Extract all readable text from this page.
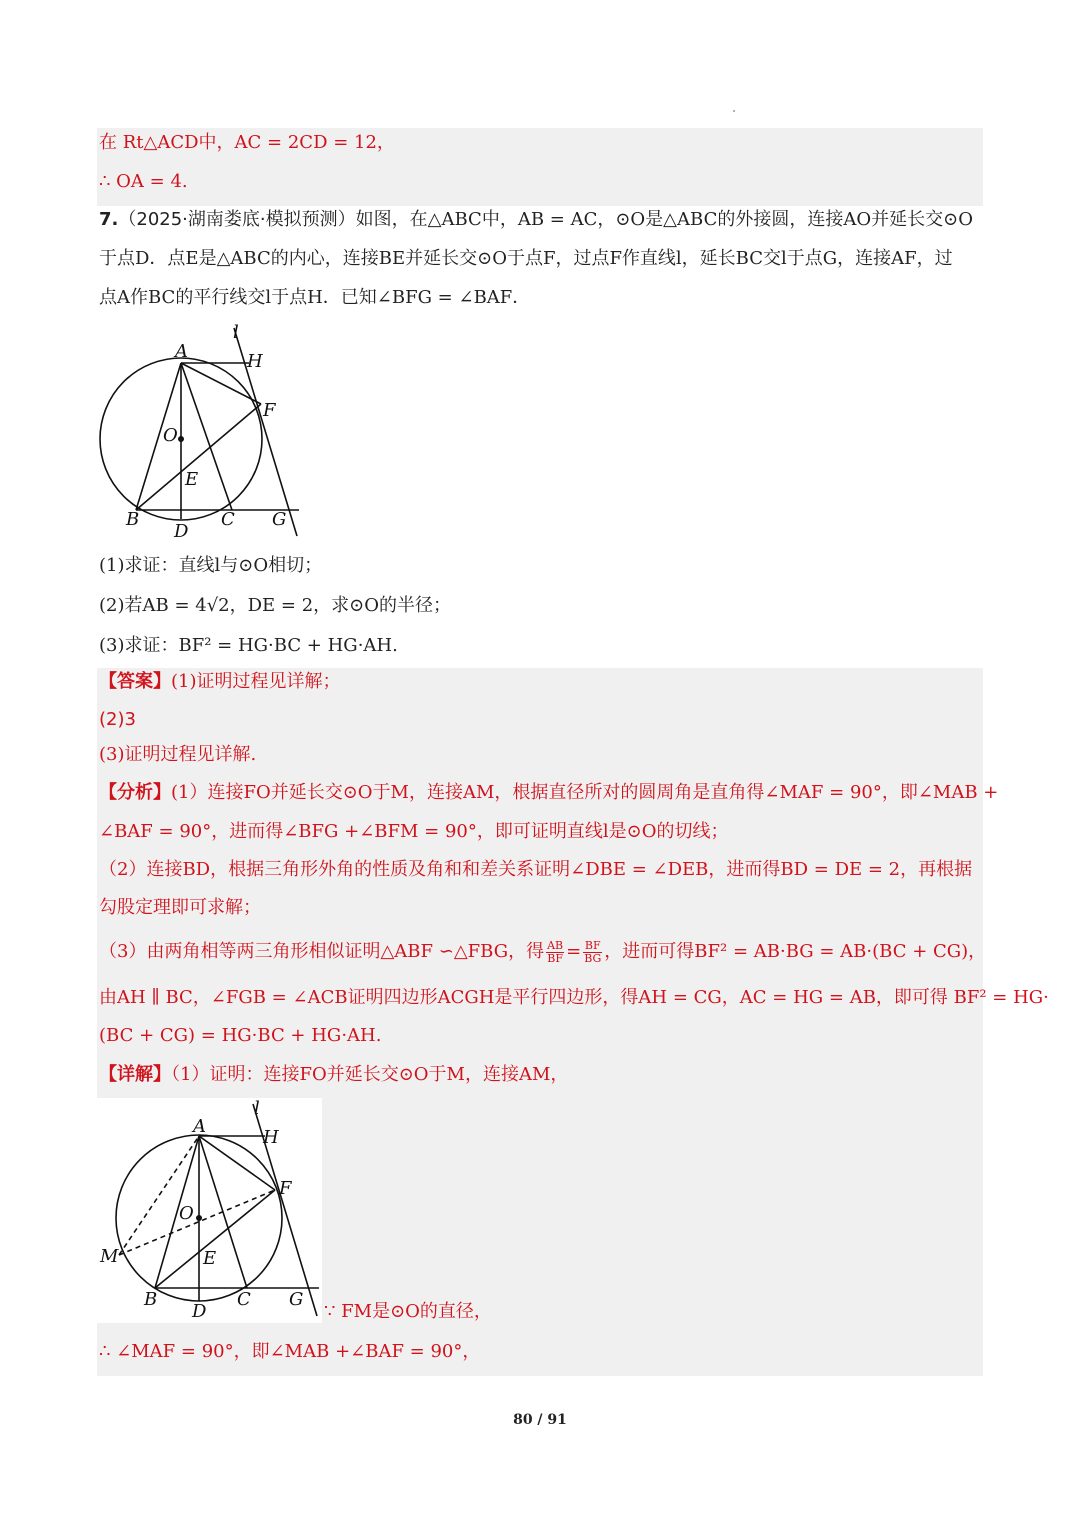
在 Rt△ACD中，AC = 2CD = 12，
∴ OA = 4.
7.（2025·湖南娄底·模拟预测）如图，在△ABC中，AB = AC，⊙O是△ABC的外接圆，连接AO并延长交⊙O
于点D．点E是△ABC的内心，连接BE并延长交⊙O于点F，过点F作直线l，延长BC交l于点G，连接AF，过
点A作BC的平行线交l于点H．已知∠BFG = ∠BAF．
l
A	H
F
O
E
B
D
C G
(1)求证：直线l与⊙O相切；
(2)若AB = 4√2，DE = 2，求⊙O的半径；
(3)求证：BF² = HG·BC + HG·AH.
【答案】(1)证明过程见详解；
(2)3
(3)证明过程见详解.
【分析】(1）连接FO并延长交⊙O于M，连接AM，根据直径所对的圆周角是直角得∠MAF = 90°，即∠MAB +
∠BAF = 90°，进而得∠BFG +∠BFM = 90°，即可证明直线l是⊙O的切线；
（2）连接BD，根据三角形外角的性质及角和和差关系证明∠DBE = ∠DEB，进而得BD = DE = 2，再根据
勾股定理即可求解；
（3）由两角相等两三角形相似证明△ABF ∽△FBG，得 $\frac{AB}{BF} = \frac{BF}{BG}$ ，进而可得BF² = AB·BG = AB·(BC + CG)，
由AH ∥ BC，∠FGB = ∠ACB证明四边形ACGH是平行四边形，得AH = CG，AC = HG = AB，即可得 BF² = HG·
(BC + CG) = HG·BC + HG·AH.
【详解】（1）证明：连接FO并延长交⊙O于M，连接AM，
l
A
H
F
O
M	E
B
D
C G
∵ FM是⊙O的直径，
∴ ∠MAF = 90°，即∠MAB +∠BAF = 90°，
80 / 91
